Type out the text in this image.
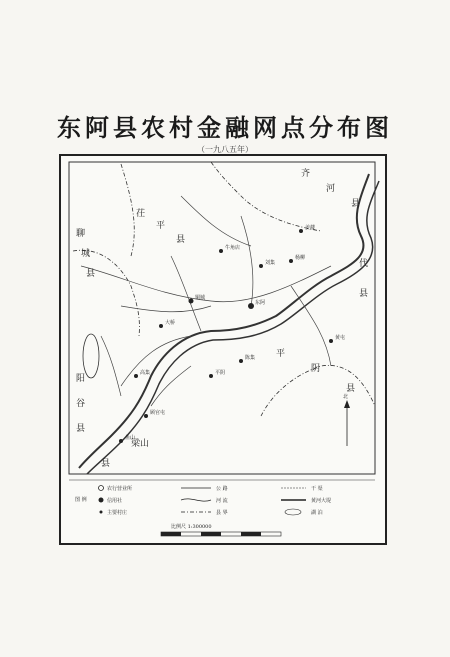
东阿县农村金融网点分布图
（一九八五年）
茌
平
县
齐
河
县
聊
城
县
代
县
平
阴
县
梁山
县
阳
谷
县
东阿
铜城
牛角店
刘集
姜楼
大桥
高集
顾官屯
鱼山
杨柳
陈集
黄屯
平阴
北
图 例
农行营业所
信用社
主要村庄
公 路
河 流
县 界
干 渠
黄河大堤
湖 泊
比例尺 1:300000
